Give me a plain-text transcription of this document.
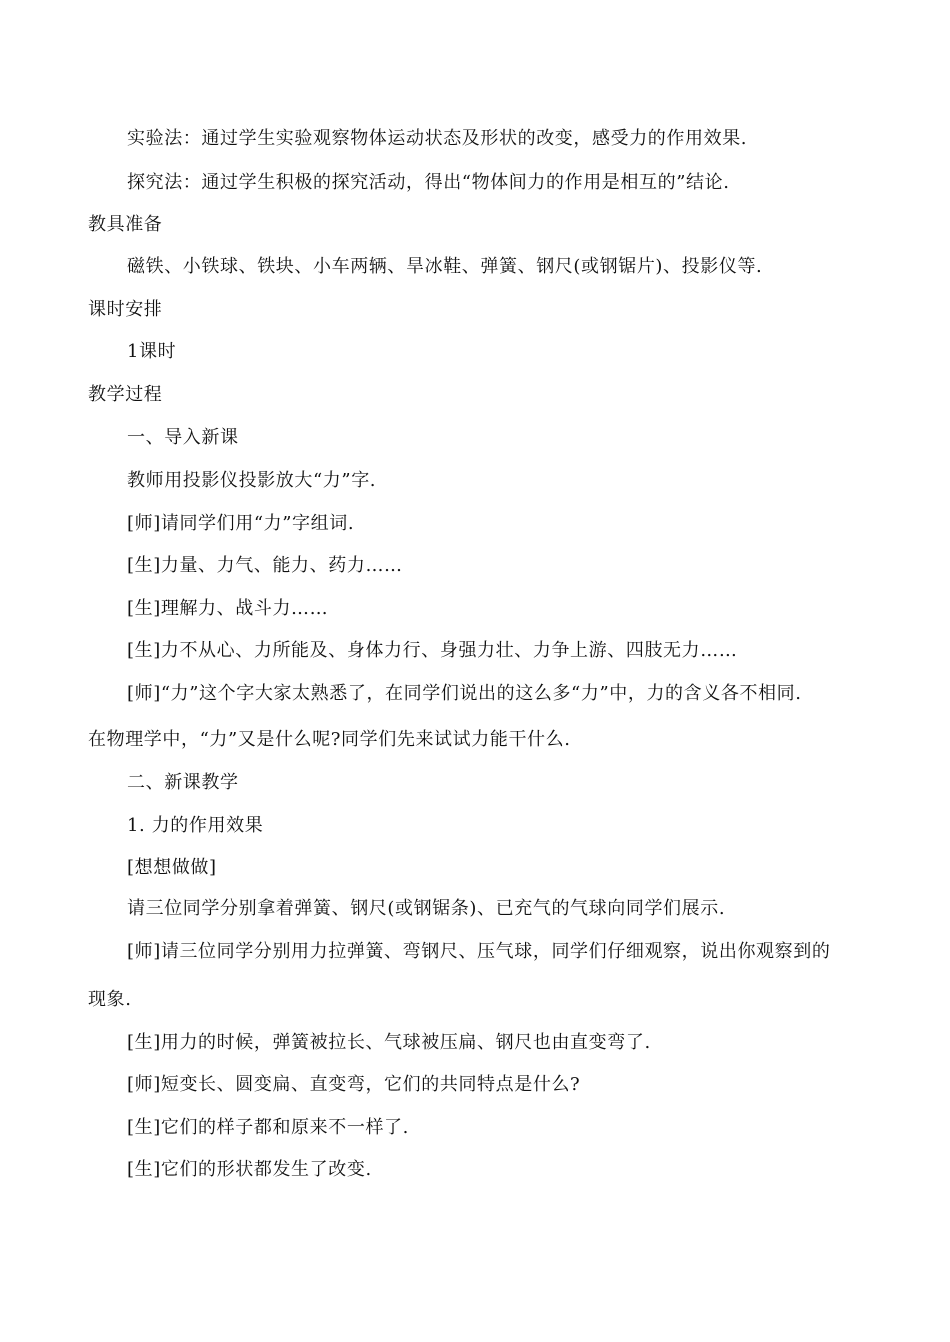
实验法：通过学生实验观察物体运动状态及形状的改变，感受力的作用效果.
探究法：通过学生积极的探究活动，得出“物体间力的作用是相互的”结论.
教具准备
磁铁、小铁球、铁块、小车两辆、旱冰鞋、弹簧、钢尺(或钢锯片)、投影仪等.
课时安排
1课时
教学过程
一、导入新课
教师用投影仪投影放大“力”字.
[师]请同学们用“力”字组词.
[生]力量、力气、能力、药力……
[生]理解力、战斗力……
[生]力不从心、力所能及、身体力行、身强力壮、力争上游、四肢无力……
[师]“力”这个字大家太熟悉了，在同学们说出的这么多“力”中，力的含义各不相同.
在物理学中，“力”又是什么呢?同学们先来试试力能干什么.
二、新课教学
1. 力的作用效果
[想想做做]
请三位同学分别拿着弹簧、钢尺(或钢锯条)、已充气的气球向同学们展示.
[师]请三位同学分别用力拉弹簧、弯钢尺、压气球，同学们仔细观察，说出你观察到的
现象.
[生]用力的时候，弹簧被拉长、气球被压扁、钢尺也由直变弯了.
[师]短变长、圆变扁、直变弯，它们的共同特点是什么?
[生]它们的样子都和原来不一样了.
[生]它们的形状都发生了改变.
